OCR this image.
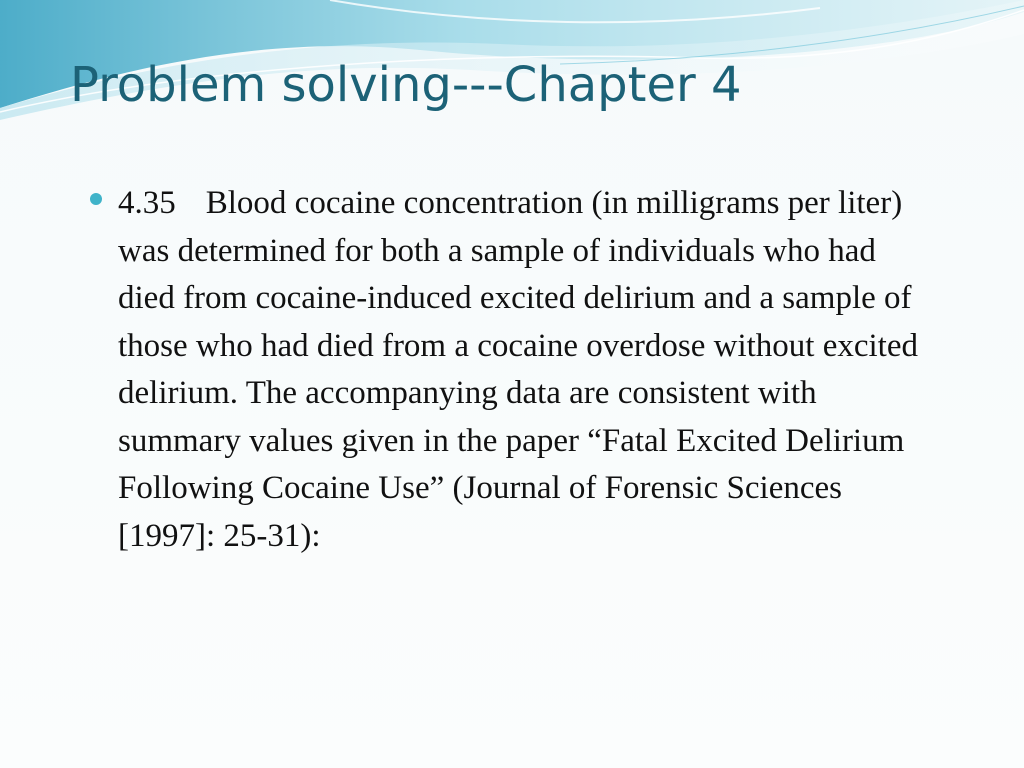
Problem solving---Chapter 4
4.35 Blood cocaine concentration (in milligrams per liter) was determined for both a sample of individuals who had died from cocaine-induced excited delirium and a sample of those who had died from a cocaine overdose without excited delirium. The accompanying data are consistent with summary values given in the paper “Fatal Excited Delirium Following Cocaine Use” (Journal of Forensic Sciences [1997]: 25-31):
